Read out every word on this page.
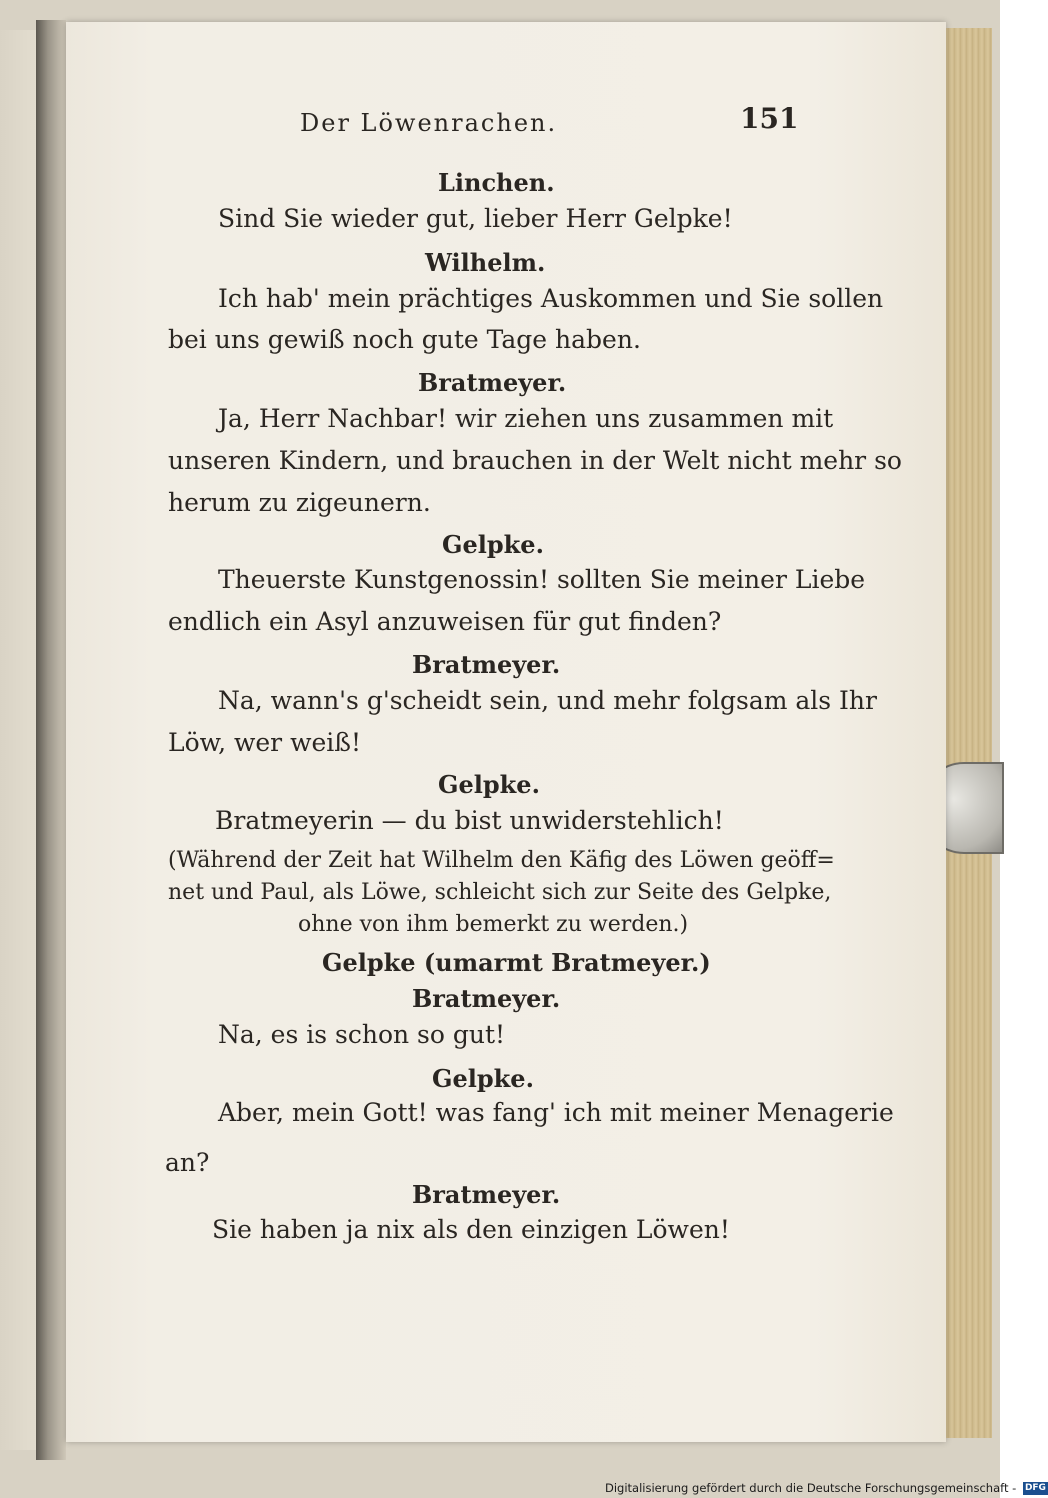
Der Löwenrachen.	151
Linchen.
Sind Sie wieder gut, lieber Herr Gelpke!
Wilhelm.
Ich hab' mein prächtiges Auskommen und Sie sollen
bei uns gewiß noch gute Tage haben.
Bratmeyer.
Ja, Herr Nachbar! wir ziehen uns zusammen mit
unseren Kindern, und brauchen in der Welt nicht mehr so
herum zu zigeunern.
Gelpke.
Theuerste Kunstgenossin! sollten Sie meiner Liebe
endlich ein Asyl anzuweisen für gut finden?
Bratmeyer.
Na, wann's g'scheidt sein, und mehr folgsam als Ihr
Löw, wer weiß!
Gelpke.
Bratmeyerin — du bist unwiderstehlich!
(Während der Zeit hat Wilhelm den Käfig des Löwen geöff=
net und Paul, als Löwe, schleicht sich zur Seite des Gelpke,
ohne von ihm bemerkt zu werden.)
Gelpke (umarmt Bratmeyer.)
Bratmeyer.
Na, es is schon so gut!
Gelpke.
Aber, mein Gott! was fang' ich mit meiner Menagerie
an?
Bratmeyer.
Sie haben ja nix als den einzigen Löwen!
Digitalisierung gefördert durch die Deutsche Forschungsgemeinschaft - DFG
